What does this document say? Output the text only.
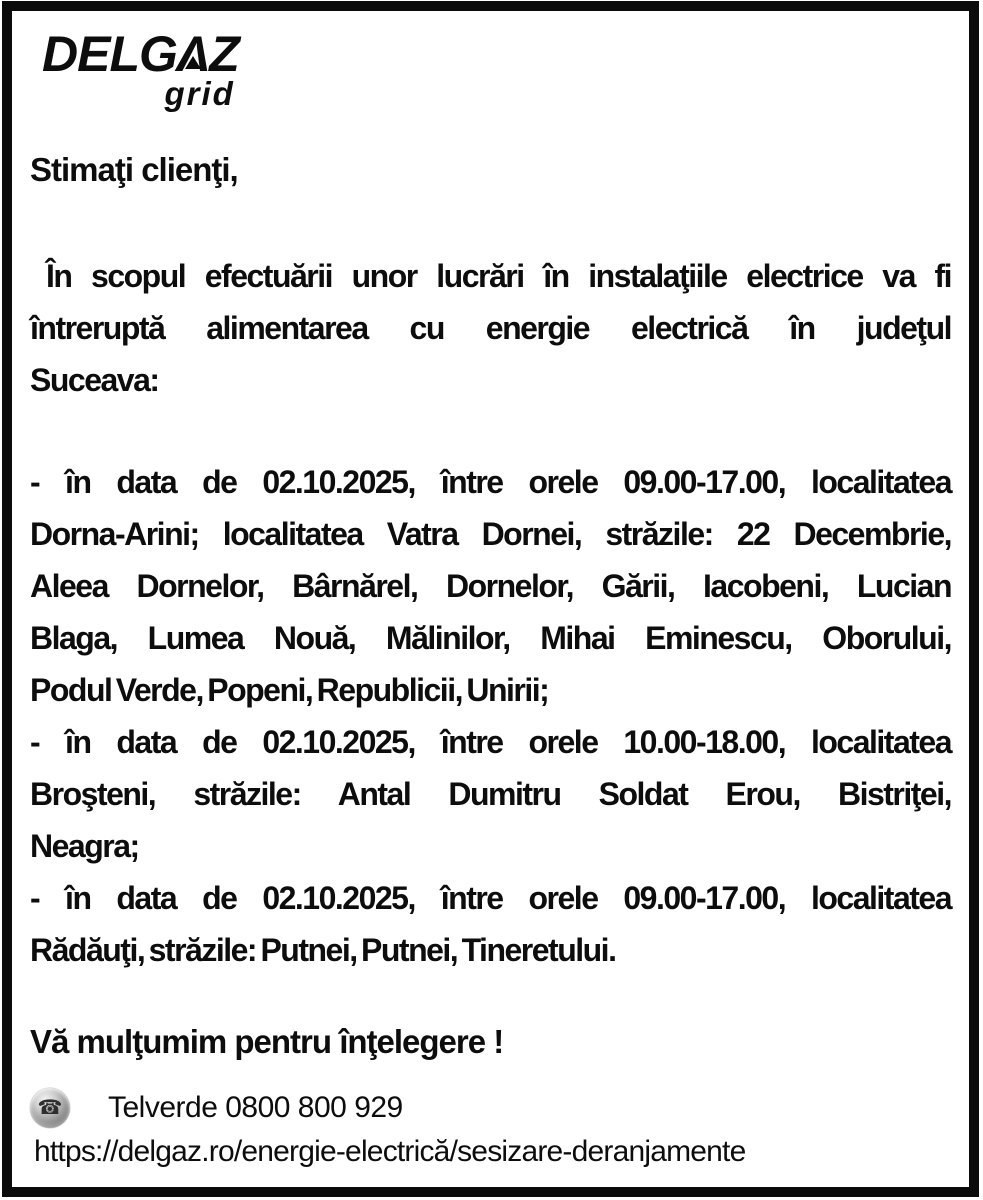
DELGΛZ
grid
Stimaţi clienţi,
În scopul efectuării unor lucrări în instalaţiile electrice va fi
întreruptă alimentarea cu energie electrică în judeţul
Suceava:
- în data de 02.10.2025, între orele 09.00-17.00, localitatea
Dorna-Arini; localitatea Vatra Dornei, străzile: 22 Decembrie,
Aleea Dornelor, Bârnărel, Dornelor, Gării, Iacobeni, Lucian
Blaga, Lumea Nouă, Mălinilor, Mihai Eminescu, Oborului,
Podul Verde, Popeni, Republicii, Unirii;
- în data de 02.10.2025, între orele 10.00-18.00, localitatea
Broşteni, străzile: Antal Dumitru Soldat Erou, Bistriţei,
Neagra;
- în data de 02.10.2025, între orele 09.00-17.00, localitatea
Rădăuţi, străzile: Putnei, Putnei, Tineretului.
Vă mulţumim pentru înţelegere !
☎ Telverde 0800 800 929
https://delgaz.ro/energie-electrică/sesizare-deranjamente
